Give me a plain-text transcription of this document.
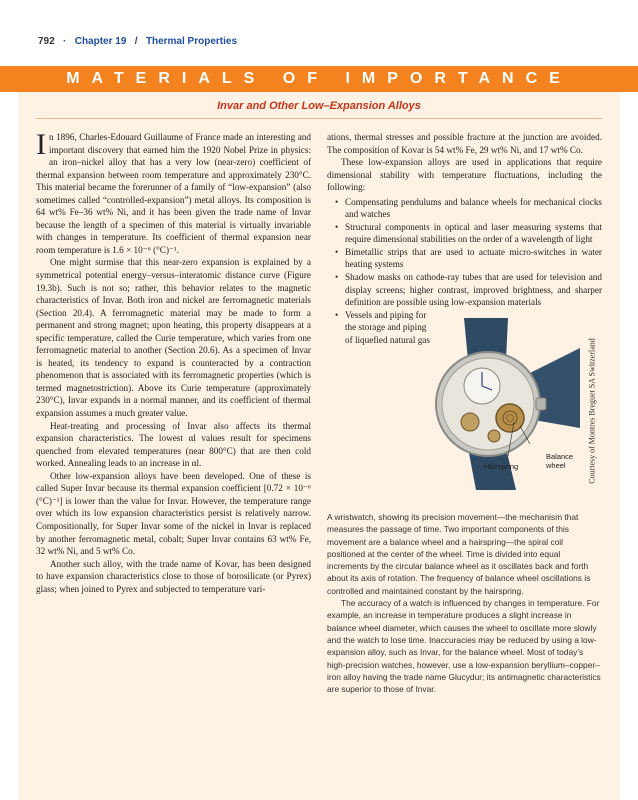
792 · Chapter 19 / Thermal Properties
MATERIALS OF IMPORTANCE
Invar and Other Low–Expansion Alloys

In 1896, Charles-Edouard Guillaume of France made an interesting and important discovery that earned him the 1920 Nobel Prize in physics: an iron–nickel alloy that has a very low (near-zero) coefficient of thermal expansion between room temperature and approximately 230°C. This material became the forerunner of a family of “low-expansion” (also sometimes called “controlled-expansion”) metal alloys. Its composition is 64 wt% Fe–36 wt% Ni, and it has been given the trade name of Invar because the length of a specimen of this material is virtually invariable with changes in temperature. Its coefficient of thermal expansion near room temperature is 1.6 × 10⁻⁶ (°C)⁻¹.

One might surmise that this near-zero expansion is explained by a symmetrical potential energy–versus–interatomic distance curve (Figure 19.3b). Such is not so; rather, this behavior relates to the magnetic characteristics of Invar. Both iron and nickel are ferromagnetic materials (Section 20.4). A ferromagnetic material may be made to form a permanent and strong magnet; upon heating, this property disappears at a specific temperature, called the Curie temperature, which varies from one ferromagnetic material to another (Section 20.6). As a specimen of Invar is heated, its tendency to expand is counteracted by a contraction phenomenon that is associated with its ferromagnetic properties (which is termed magnetostriction). Above its Curie temperature (approximately 230°C), Invar expands in a normal manner, and its coefficient of thermal expansion assumes a much greater value.

Heat-treating and processing of Invar also affects its thermal expansion characteristics. The lowest αl values result for specimens quenched from elevated temperatures (near 800°C) that are then cold worked. Annealing leads to an increase in αl.

Other low-expansion alloys have been developed. One of these is called Super Invar because its thermal expansion coefficient [0.72 × 10⁻⁶ (°C)⁻¹] is lower than the value for Invar. However, the temperature range over which its low expansion characteristics persist is relatively narrow. Compositionally, for Super Invar some of the nickel in Invar is replaced by another ferromagnetic metal, cobalt; Super Invar contains 63 wt% Fe, 32 wt% Ni, and 5 wt% Co.

Another such alloy, with the trade name of Kovar, has been designed to have expansion characteristics close to those of borosilicate (or Pyrex) glass; when joined to Pyrex and subjected to temperature vari-

ations, thermal stresses and possible fracture at the junction are avoided. The composition of Kovar is 54 wt% Fe, 29 wt% Ni, and 17 wt% Co.

These low-expansion alloys are used in applications that require dimensional stability with temperature fluctuations, including the following:

• Compensating pendulums and balance wheels for mechanical clocks and watches
• Structural components in optical and laser measuring systems that require dimensional stabilities on the order of a wavelength of light
• Bimetallic strips that are used to actuate micro-switches in water heating systems
• Shadow masks on cathode-ray tubes that are used for television and display screens; higher contrast, improved brightness, and sharper definition are possible using low-expansion materials
• Vessels and piping for the storage and piping of liquefied natural gas
Balance wheel
Hairspring	Courtesy of Montres Breguet SA Switzerland

A wristwatch, showing its precision movement—the mechanism that measures the passage of time. Two important components of this movement are a balance wheel and a hairspring—the spiral coil positioned at the center of the wheel. Time is divided into equal increments by the circular balance wheel as it oscillates back and forth about its axis of rotation. The frequency of balance wheel oscillations is controlled and maintained constant by the hairspring.

The accuracy of a watch is influenced by changes in temperature. For example, an increase in temperature produces a slight increase in balance wheel diameter, which causes the wheel to oscillate more slowly and the watch to lose time. Inaccuracies may be reduced by using a low-expansion alloy, such as Invar, for the balance wheel. Most of today’s high-precision watches, however, use a low-expansion beryllium–copper–iron alloy having the trade name Glucydur; its antimagnetic characteristics are superior to those of Invar.
